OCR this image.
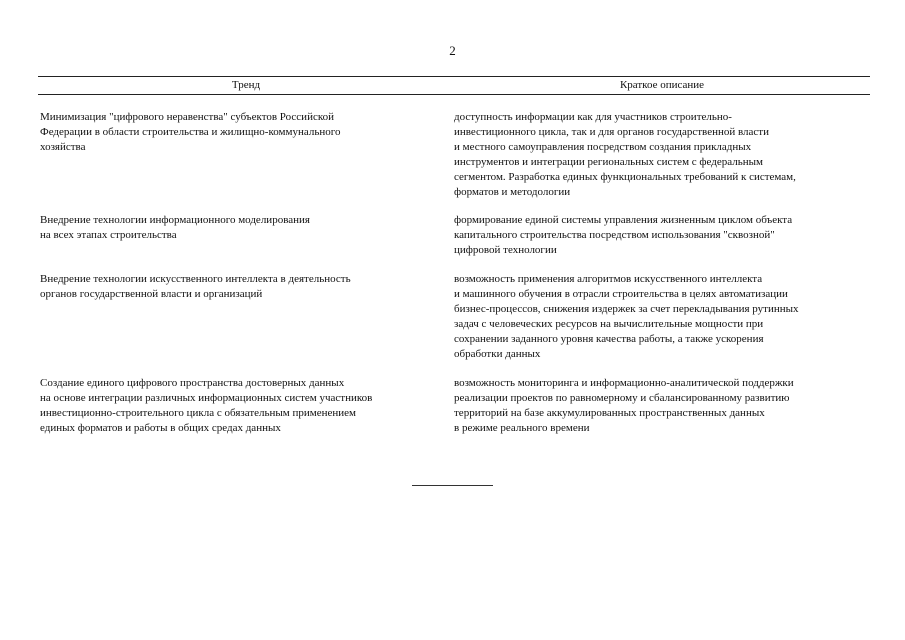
2
Тренд	Краткое описание
Минимизация "цифрового неравенства" субъектов Российской
Федерации в области строительства и жилищно-коммунального
хозяйства
доступность информации как для участников строительно-
инвестиционного цикла, так и для органов государственной власти
и местного самоуправления посредством создания прикладных
инструментов и интеграции региональных систем с федеральным
сегментом. Разработка единых функциональных требований к системам,
форматов и методологии
Внедрение технологии информационного моделирования
на всех этапах строительства
формирование единой системы управления жизненным циклом объекта
капитального строительства посредством использования "сквозной"
цифровой технологии
Внедрение технологии искусственного интеллекта в деятельность
органов государственной власти и организаций
возможность применения алгоритмов искусственного интеллекта
и машинного обучения в отрасли строительства в целях автоматизации
бизнес-процессов, снижения издержек за счет перекладывания рутинных
задач с человеческих ресурсов на вычислительные мощности при
сохранении заданного уровня качества работы, а также ускорения
обработки данных
Создание единого цифрового пространства достоверных данных
на основе интеграции различных информационных систем участников
инвестиционно-строительного цикла с обязательным применением
единых форматов и работы в общих средах данных
возможность мониторинга и информационно-аналитической поддержки
реализации проектов по равномерному и сбалансированному развитию
территорий на базе аккумулированных пространственных данных
в режиме реального времени
